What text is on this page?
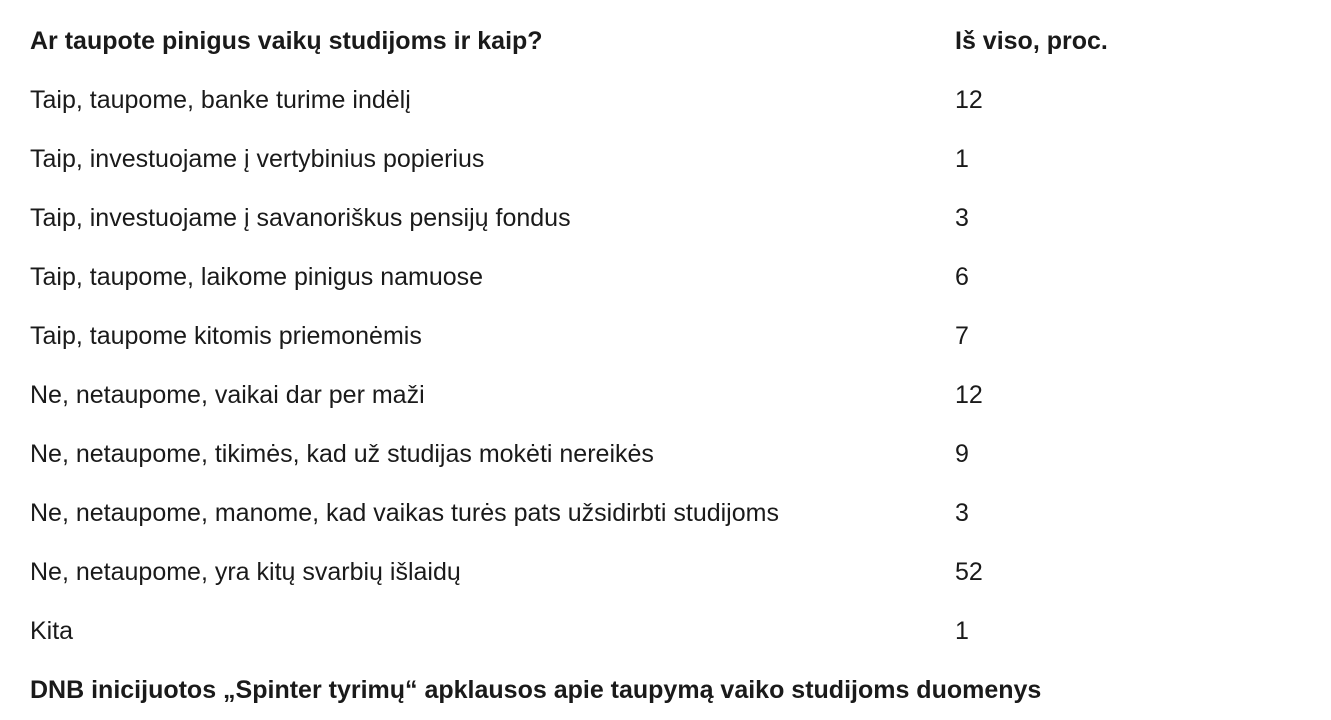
Ar taupote pinigus vaikų studijoms ir kaip?	Iš viso, proc.
Taip, taupome, banke turime indėlį	12
Taip, investuojame į vertybinius popierius	1
Taip, investuojame į savanoriškus pensijų fondus	3
Taip, taupome, laikome pinigus namuose	6
Taip, taupome kitomis priemonėmis	7
Ne, netaupome, vaikai dar per maži	12
Ne, netaupome, tikimės, kad už studijas mokėti nereikės	9
Ne, netaupome, manome, kad vaikas turės pats užsidirbti studijoms	3
Ne, netaupome, yra kitų svarbių išlaidų	52
Kita	1
DNB inicijuotos „Spinter tyrimų“ apklausos apie taupymą vaiko studijoms duomenys
